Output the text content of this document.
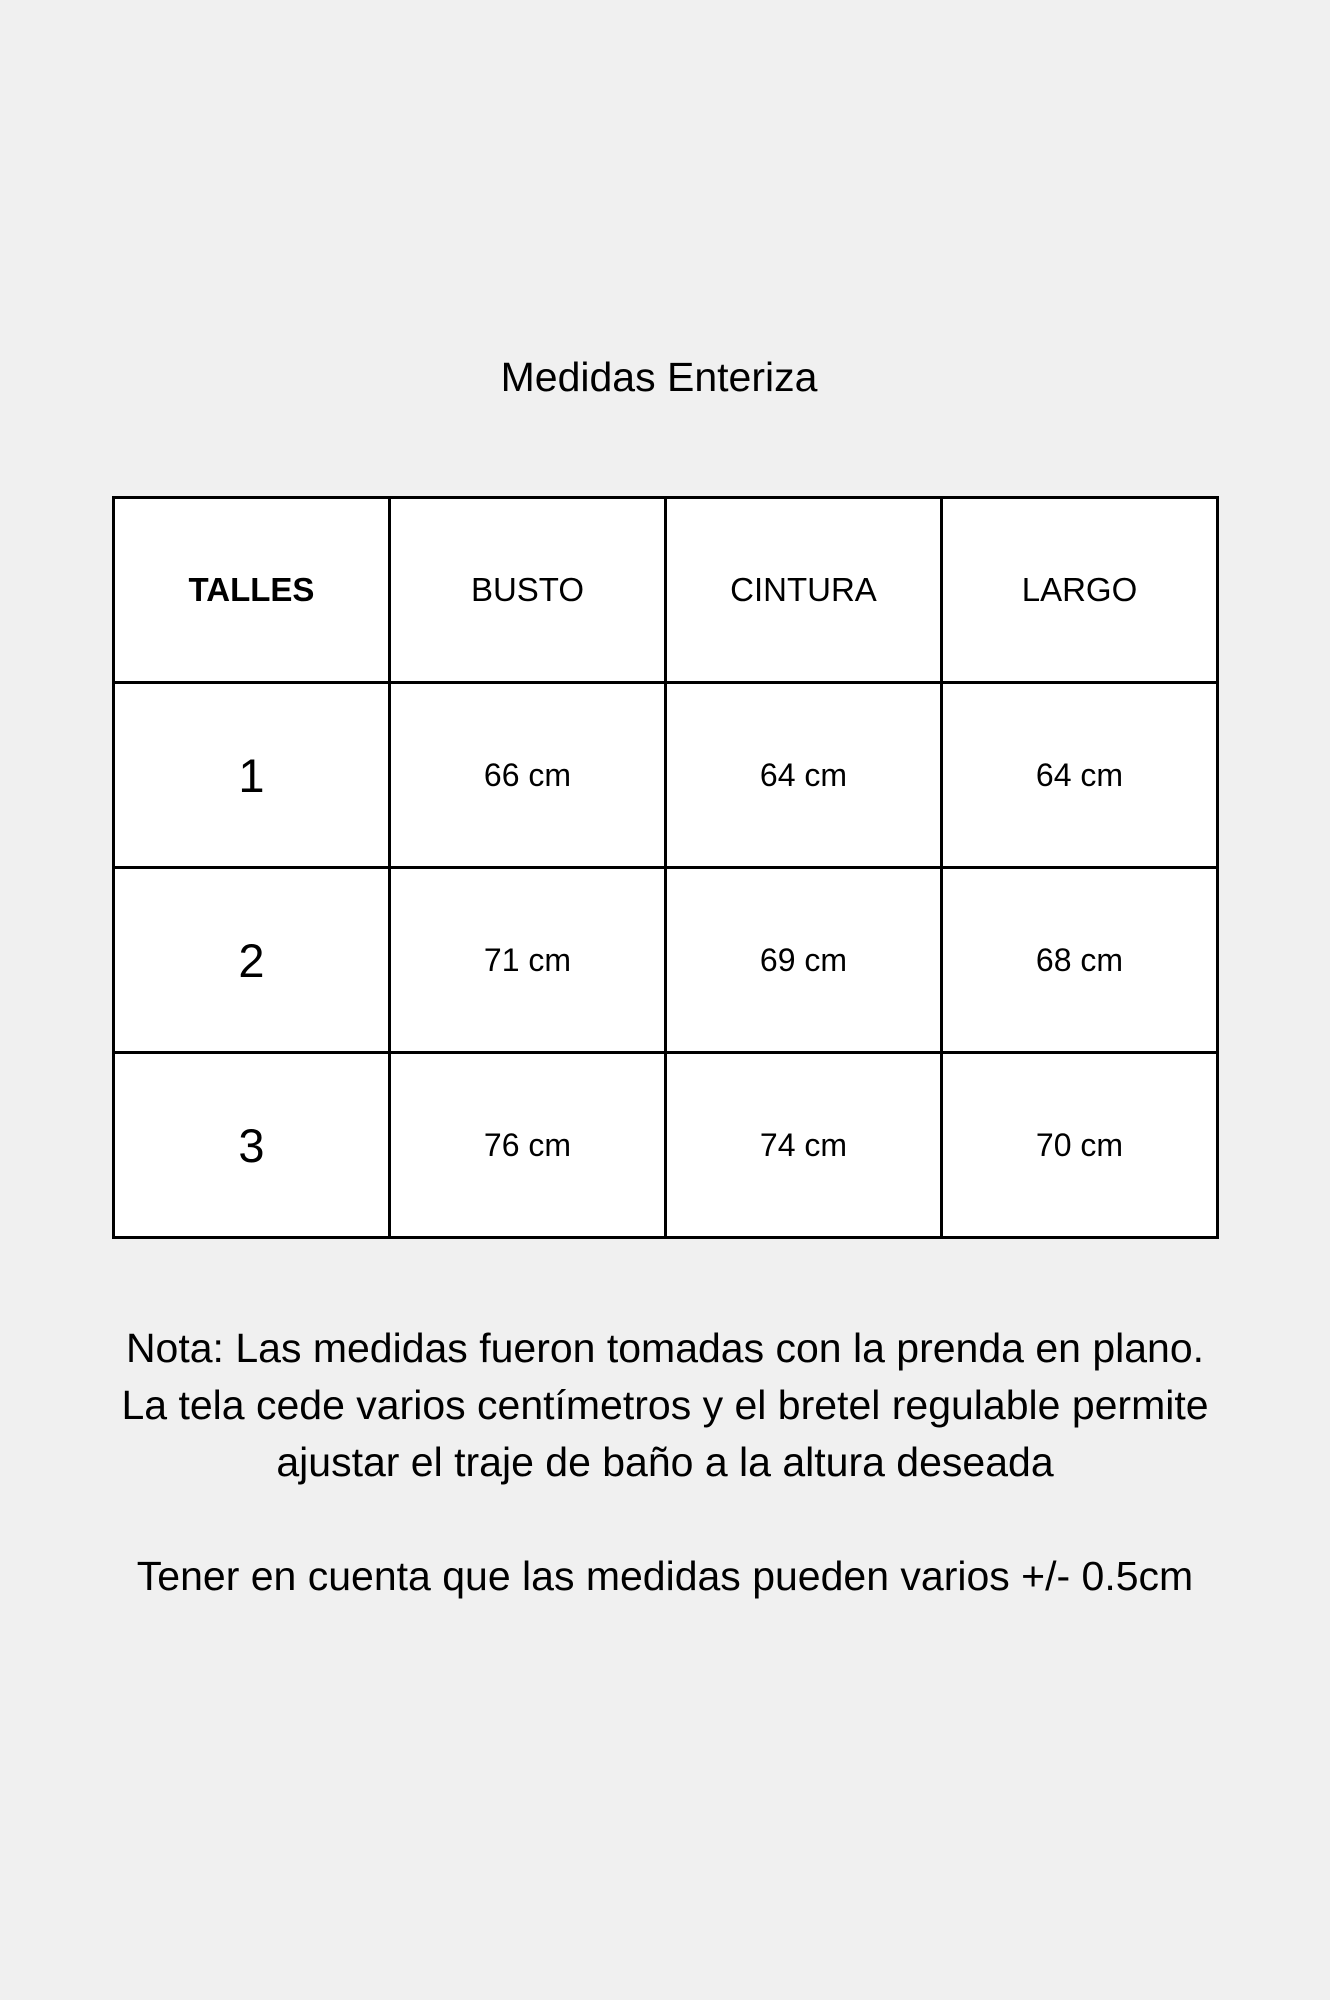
Medidas Enteriza
TALLES	BUSTO	CINTURA	LARGO
1	66 cm	64 cm	64 cm
2	71 cm	69 cm	68 cm
3	76 cm	74 cm	70 cm

Nota: Las medidas fueron tomadas con la prenda en plano.

La tela cede varios centímetros y el bretel regulable permite

ajustar el traje de baño a la altura deseada

Tener en cuenta que las medidas pueden varios +/- 0.5cm
